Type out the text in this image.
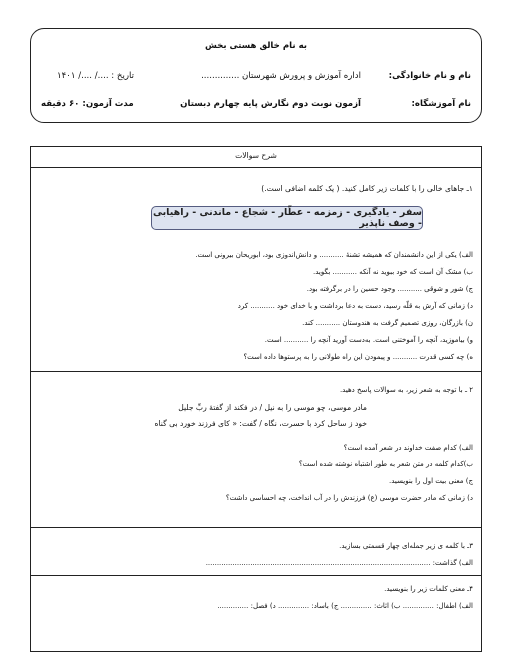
به نام خالق هستی بخش
نام و نام خانوادگی:
اداره آموزش و پرورش شهرستان ..............
تاریخ : ..../ ..../ ۱۴۰۱
نام آموزشگاه:
آزمون نوبت دوم نگارش پایه چهارم دبستان
مدت آزمون: ۶۰ دقیقه
شرح سوالات
۱ـ جاهای خالی را با کلمات زیر کامل کنید. ( یک کلمه اضافی است.)
سفر - یادگیری - زمزمه - عطّار - شجاع - ماندنی - راهیابی - وصف ناپذیر
الف) یکی از این دانشمندان که همیشه تشنهٔ ........... و دانش‌اندوزی بود، ابوریحان بیرونی است.
ب) مشک آن است که خود ببوید نه آنکه ........... بگوید.
ج) شور و شوقی ........... وجود حسین را در برگرفته بود.
د) زمانی که آرش به قلّه رسید، دست به دعا برداشت و با خدای خود ........... کرد
ن) بازرگان، روزی تصمیم گرفت به هندوستان ........... کند.
و) بیاموزید، آنچه را آموختنی است. به‌دست آورید آنچه را ........... است.
ه) چه کسی قدرت ........... و پیمودن این راه طولانی را به پرستوها داده است؟
۲ ـ با توجه به شعر زیر، به سوالات پاسخ دهید.
مادر موسی، چو موسی را به نیل / در فکند از گفتهٔ ربِّ جلیل
خود ز ساحل کرد با حسرت، نگاه / گفت: « کای فرزند خورد بی گناه
الف) کدام صفت خداوند در شعر آمده است؟
ب)کدام کلمه در متن شعر به طور اشتباه نوشته شده است؟
ج) معنی بیت اول را بنویسید.
د) زمانی که مادر حضرت موسی (ع) فرزندش را در آب انداخت، چه احساسی داشت؟
۳ـ با کلمه ی زیر جمله‌ای چهار قسمتی بسازید.
الف) گذاشت: .....................................................................................................
۴ـ معنی کلمات زیر را بنویسید.
الف) اطفال: .............. ب) اثاث: .............. ج) باساد: .............. د) فصل: ..............
